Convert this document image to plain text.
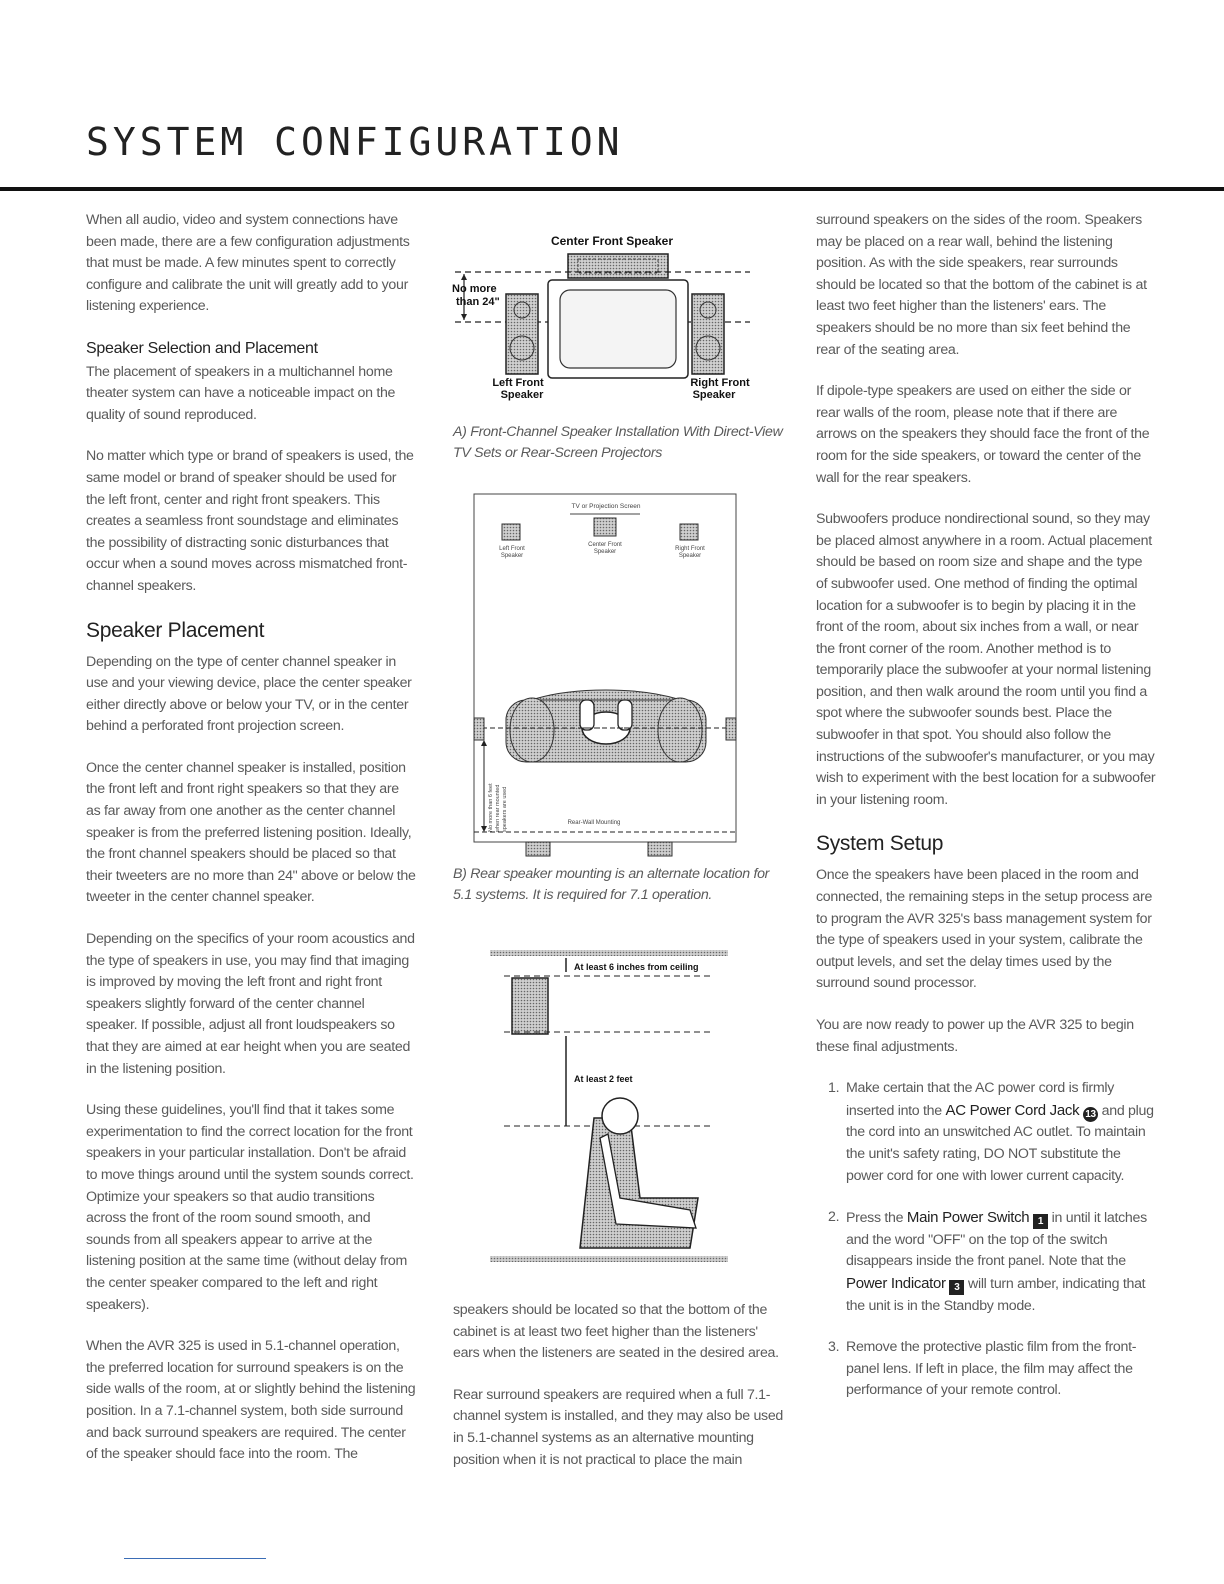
SYSTEM CONFIGURATION

When all audio, video and system connections have been made, there are a few configuration adjustments that must be made. A few minutes spent to correctly configure and calibrate the unit will greatly add to your listening experience.

Speaker Selection and Placement

The placement of speakers in a multichannel home theater system can have a noticeable impact on the quality of sound reproduced.

No matter which type or brand of speakers is used, the same model or brand of speaker should be used for the left front, center and right front speakers. This creates a seamless front soundstage and eliminates the possibility of distracting sonic disturbances that occur when a sound moves across mismatched front-channel speakers.

Speaker Placement

Depending on the type of center channel speaker in use and your viewing device, place the center speaker either directly above or below your TV, or in the center behind a perforated front projection screen.

Once the center channel speaker is installed, position the front left and front right speakers so that they are as far away from one another as the center channel speaker is from the preferred listening position. Ideally, the front channel speakers should be placed so that their tweeters are no more than 24" above or below the tweeter in the center channel speaker.

Depending on the specifics of your room acoustics and the type of speakers in use, you may find that imaging is improved by moving the left front and right front speakers slightly forward of the center channel speaker. If possible, adjust all front loudspeakers so that they are aimed at ear height when you are seated in the listening position.

Using these guidelines, you'll find that it takes some experimentation to find the correct location for the front speakers in your particular installation. Don't be afraid to move things around until the system sounds correct. Optimize your speakers so that audio transitions across the front of the room sound smooth, and sounds from all speakers appear to arrive at the listening position at the same time (without delay from the center speaker compared to the left and right speakers).

When the AVR 325 is used in 5.1-channel operation, the preferred location for surround speakers is on the side walls of the room, at or slightly behind the listening position. In a 7.1-channel system, both side surround and back surround speakers are required. The center of the speaker should face into the room. The

Center Front Speaker
No more
than 24"
Left Front
Speaker
Right Front
Speaker

A) Front-Channel Speaker Installation With Direct-View TV Sets or Rear-Screen Projectors

TV or Projection Screen
Left Front
Speaker
Center Front
Speaker	Right Front
Speaker
No more than 6 feet when rear mounted speakers are used	Rear-Wall Mounting

B) Rear speaker mounting is an alternate location for 5.1 systems. It is required for 7.1 operation.

At least 6 inches from ceiling
At least 2 feet

speakers should be located so that the bottom of the cabinet is at least two feet higher than the listeners' ears when the listeners are seated in the desired area.

Rear surround speakers are required when a full 7.1-channel system is installed, and they may also be used in 5.1-channel systems as an alternative mounting position when it is not practical to place the main

surround speakers on the sides of the room. Speakers may be placed on a rear wall, behind the listening position. As with the side speakers, rear surrounds should be located so that the bottom of the cabinet is at least two feet higher than the listeners' ears. The speakers should be no more than six feet behind the rear of the seating area.

If dipole-type speakers are used on either the side or rear walls of the room, please note that if there are arrows on the speakers they should face the front of the room for the side speakers, or toward the center of the wall for the rear speakers.

Subwoofers produce nondirectional sound, so they may be placed almost anywhere in a room. Actual placement should be based on room size and shape and the type of subwoofer used. One method of finding the optimal location for a subwoofer is to begin by placing it in the front of the room, about six inches from a wall, or near the front corner of the room. Another method is to temporarily place the subwoofer at your normal listening position, and then walk around the room until you find a spot where the subwoofer sounds best. Place the subwoofer in that spot. You should also follow the instructions of the subwoofer's manufacturer, or you may wish to experiment with the best location for a subwoofer in your listening room.

System Setup

Once the speakers have been placed in the room and connected, the remaining steps in the setup process are to program the AVR 325's bass management system for the type of speakers used in your system, calibrate the output levels, and set the delay times used by the surround sound processor.

You are now ready to power up the AVR 325 to begin these final adjustments.

1. Make certain that the AC power cord is firmly inserted into the AC Power Cord Jack 13 and plug the cord into an unswitched AC outlet. To maintain the unit's safety rating, DO NOT substitute the power cord for one with lower current capacity.
2. Press the Main Power Switch 1 in until it latches and the word "OFF" on the top of the switch disappears inside the front panel. Note that the Power Indicator 3 will turn amber, indicating that the unit is in the Standby mode.
3. Remove the protective plastic film from the front-panel lens. If left in place, the film may affect the performance of your remote control.
